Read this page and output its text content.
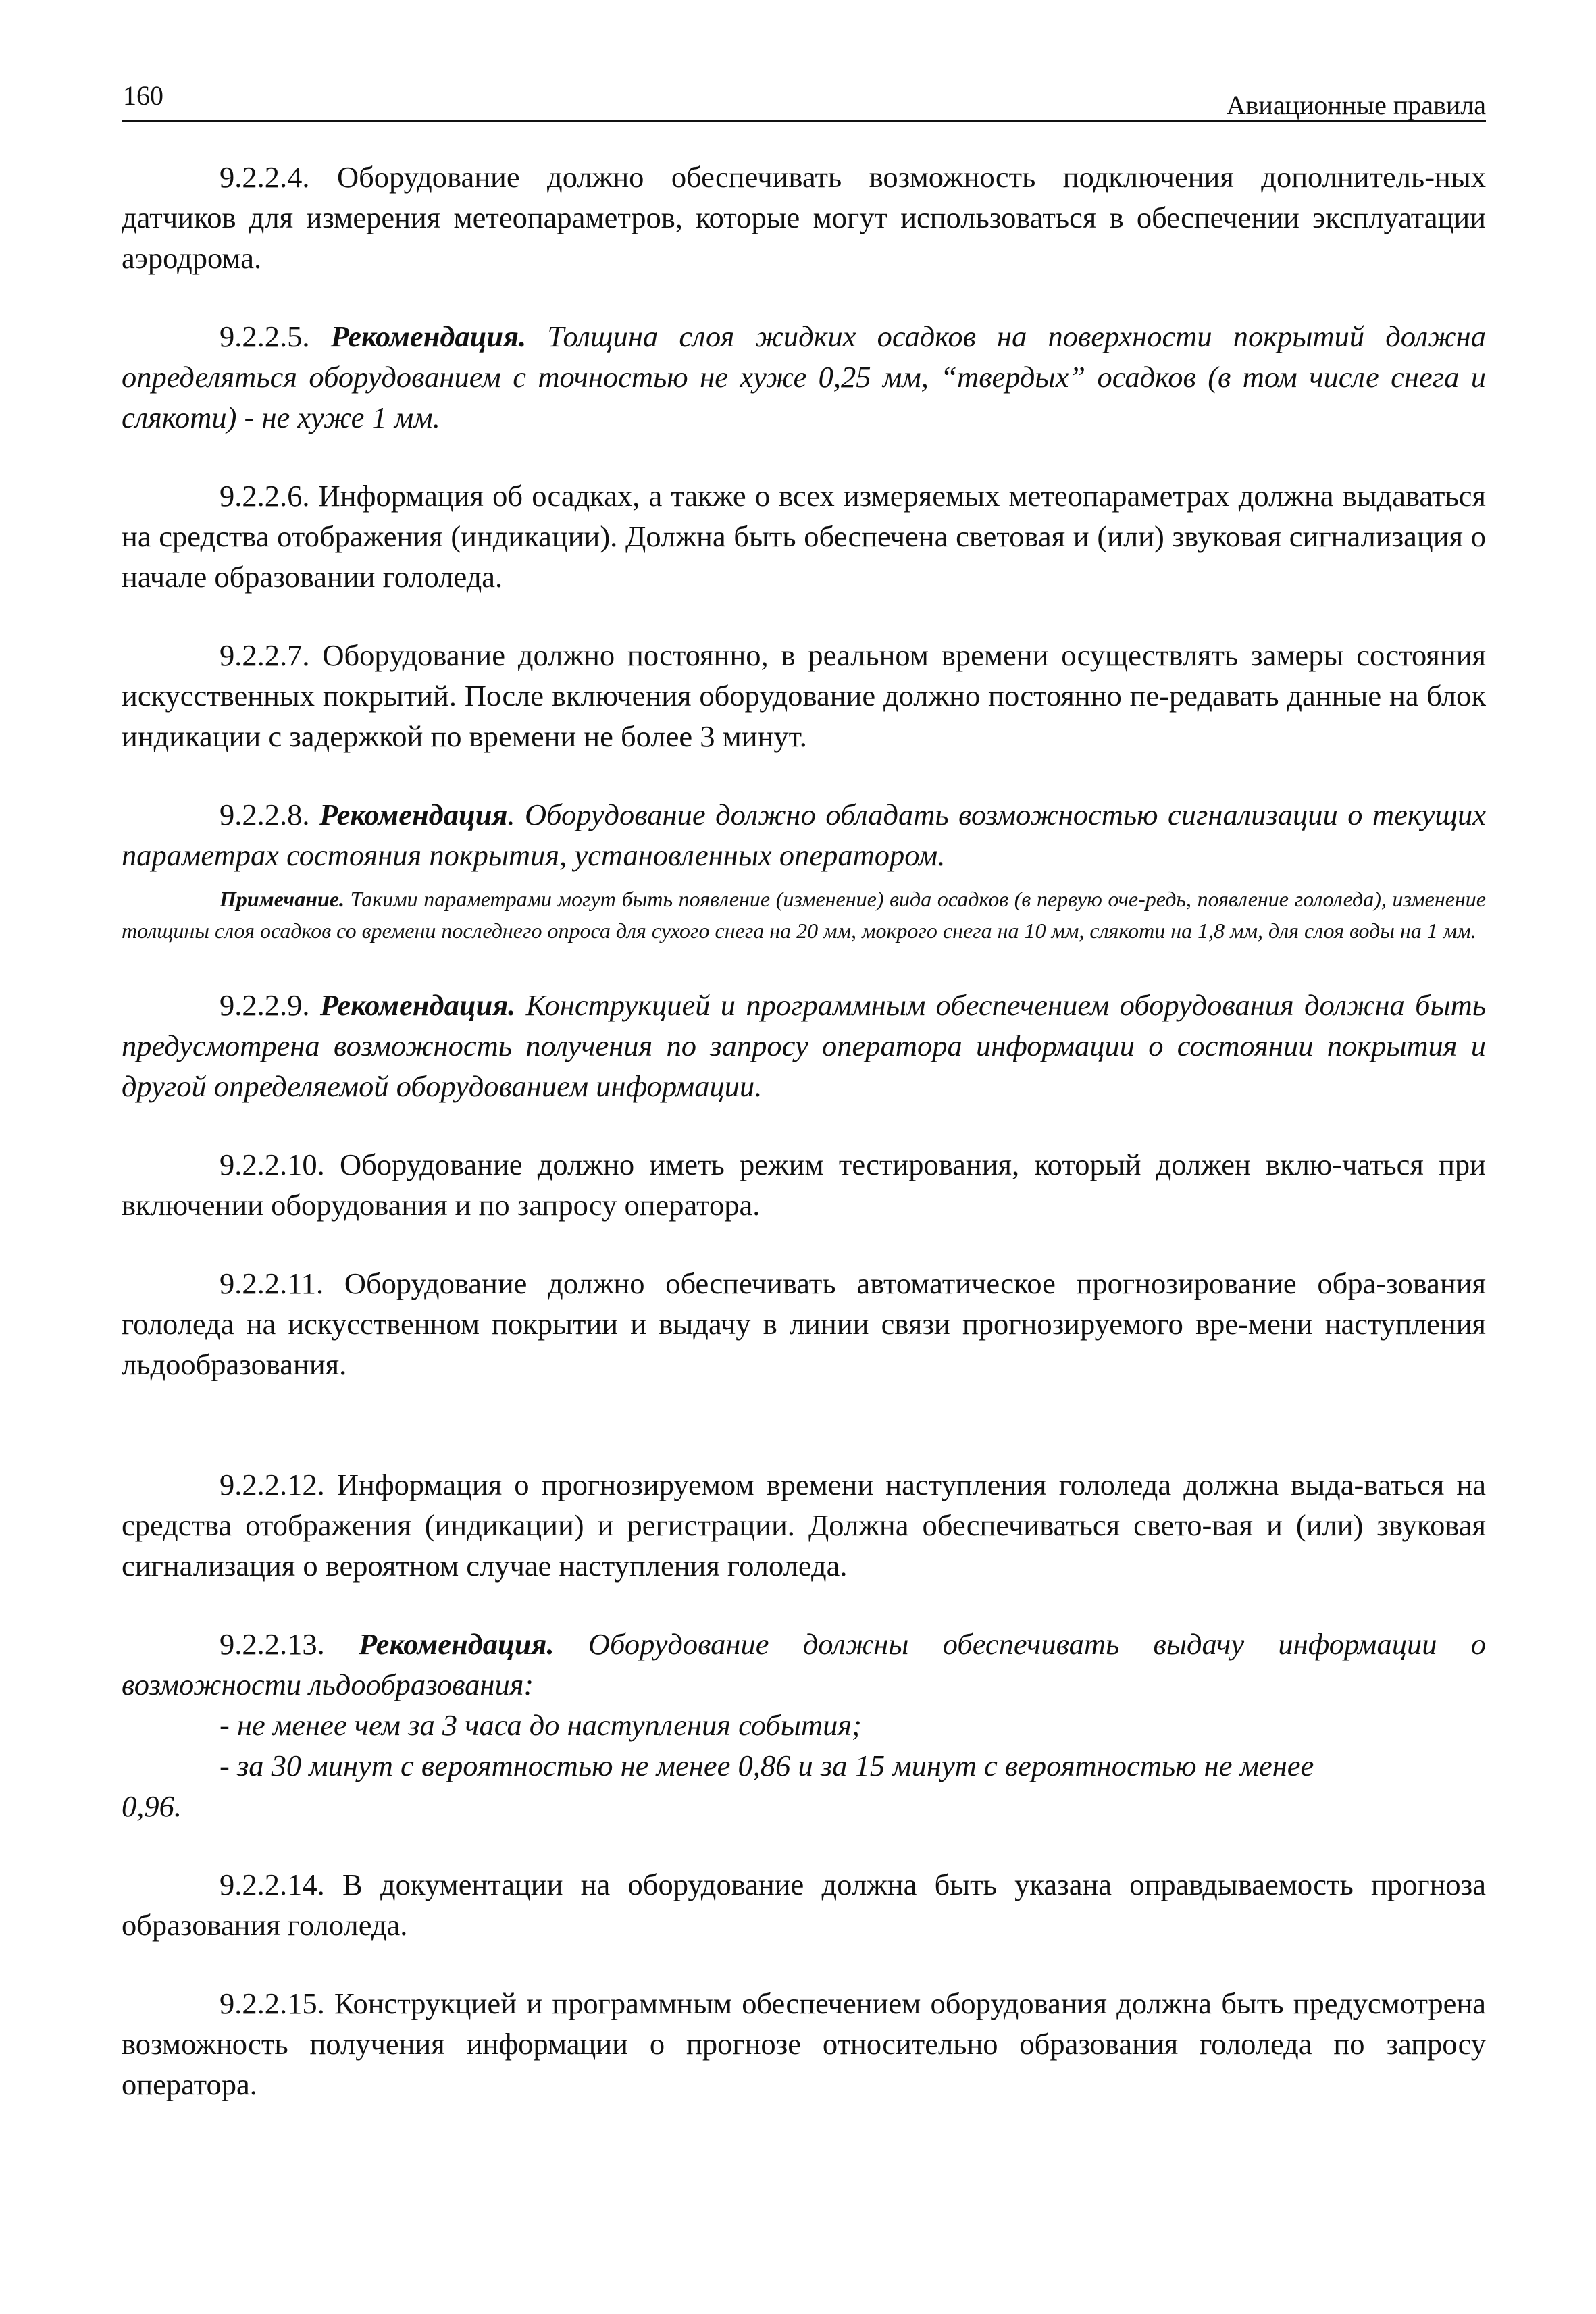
160	Авиационные правила

9.2.2.4. Оборудование должно обеспечивать возможность подключения дополнитель-ных датчиков для измерения метеопараметров, которые могут использоваться в обеспечении эксплуатации аэродрома.

9.2.2.5. Рекомендация. Толщина слоя жидких осадков на поверхности покрытий должна определяться оборудованием с точностью не хуже 0,25 мм, “твердых” осадков (в том числе снега и слякоти) - не хуже 1 мм.

9.2.2.6. Информация об осадках, а также о всех измеряемых метеопараметрах должна выдаваться на средства отображения (индикации). Должна быть обеспечена световая и (или) звуковая сигнализация о начале образовании гололеда.

9.2.2.7. Оборудование должно постоянно, в реальном времени осуществлять замеры состояния искусственных покрытий. После включения оборудование должно постоянно пе-редавать данные на блок индикации с задержкой по времени не более 3 минут.

9.2.2.8. Рекомендация. Оборудование должно обладать возможностью сигнализации о текущих параметрах состояния покрытия, установленных оператором.

Примечание. Такими параметрами могут быть появление (изменение) вида осадков (в первую оче-редь, появление гололеда), изменение толщины слоя осадков со времени последнего опроса для сухого снега на 20 мм, мокрого снега на 10 мм, слякоти на 1,8 мм, для слоя воды на 1 мм.

9.2.2.9. Рекомендация. Конструкцией и программным обеспечением оборудования должна быть предусмотрена возможность получения по запросу оператора информации о состоянии покрытия и другой определяемой оборудованием информации.

9.2.2.10. Оборудование должно иметь режим тестирования, который должен вклю-чаться при включении оборудования и по запросу оператора.

9.2.2.11. Оборудование должно обеспечивать автоматическое прогнозирование обра-зования гололеда на искусственном покрытии и выдачу в линии связи прогнозируемого вре-мени наступления льдообразования.

9.2.2.12. Информация о прогнозируемом времени наступления гололеда должна выда-ваться на средства отображения (индикации) и регистрации. Должна обеспечиваться свето-вая и (или) звуковая сигнализация о вероятном случае наступления гололеда.

9.2.2.13. Рекомендация. Оборудование должны обеспечивать выдачу информации о возможности льдообразования:

- не менее чем за 3 часа до наступления события;

- за 30 минут с вероятностью не менее 0,86 и за 15 минут с вероятностью не менее

0,96.

9.2.2.14. В документации на оборудование должна быть указана оправдываемость прогноза образования гололеда.

9.2.2.15. Конструкцией и программным обеспечением оборудования должна быть предусмотрена возможность получения информации о прогнозе относительно образования гололеда по запросу оператора.
